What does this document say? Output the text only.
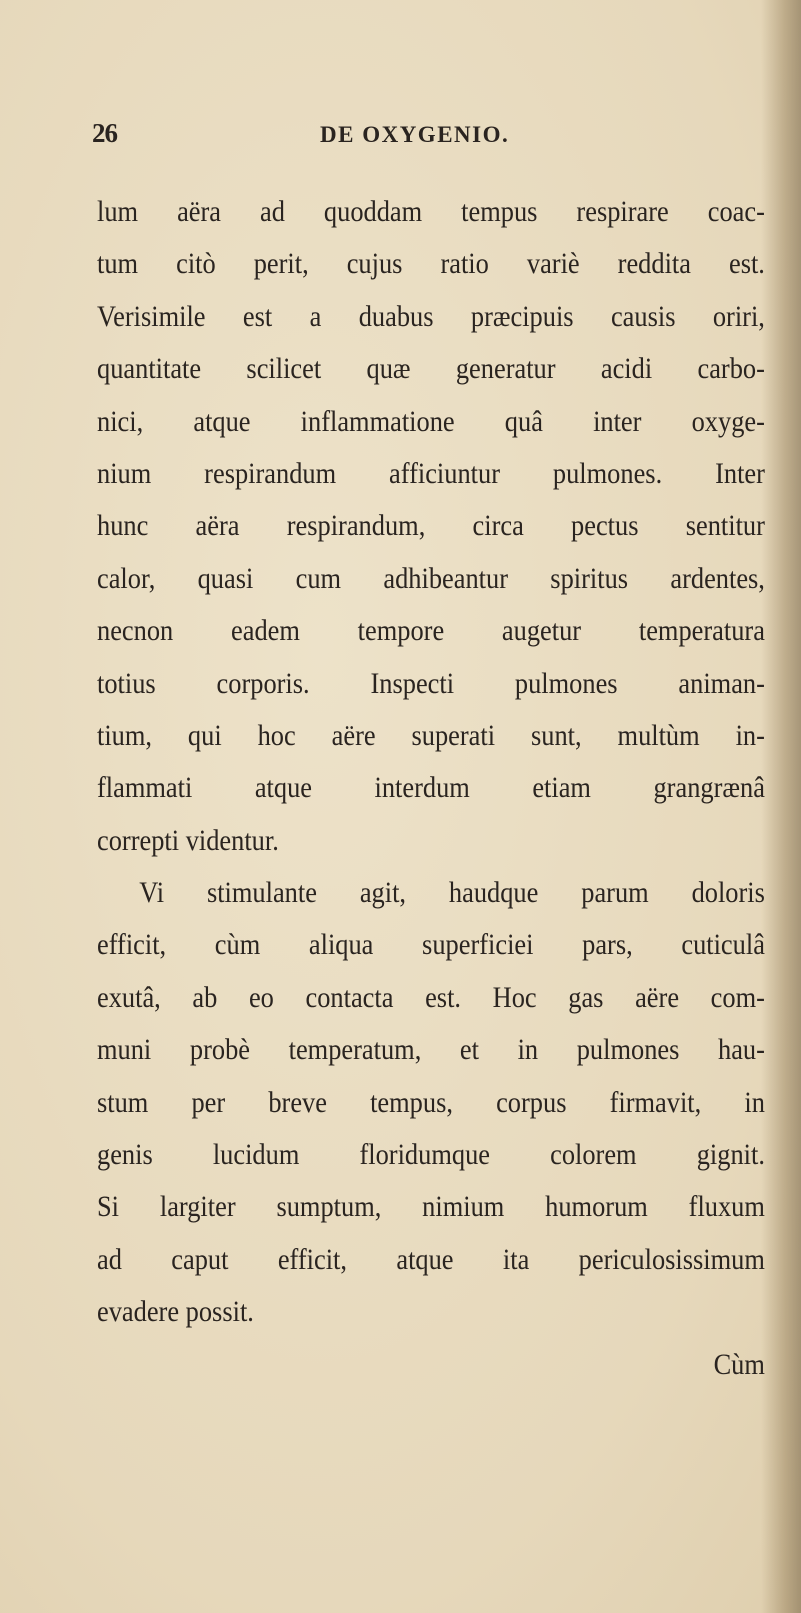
26	DE OXYGENIO.
lum aëra ad quoddam tempus respirare coac-
tum citò perit, cujus ratio variè reddita est.
Verisimile est a duabus præcipuis causis oriri,
quantitate scilicet quæ generatur acidi carbo-
nici, atque inflammatione quâ inter oxyge-
nium respirandum afficiuntur pulmones. Inter
hunc aëra respirandum, circa pectus sentitur
calor, quasi cum adhibeantur spiritus ardentes,
necnon eadem tempore augetur temperatura
totius corporis. Inspecti pulmones animan-
tium, qui hoc aëre superati sunt, multùm in-
flammati atque interdum etiam grangrænâ
correpti videntur.
Vi stimulante agit, haudque parum doloris
efficit, cùm aliqua superficiei pars, cuticulâ
exutâ, ab eo contacta est. Hoc gas aëre com-
muni probè temperatum, et in pulmones hau-
stum per breve tempus, corpus firmavit, in
genis lucidum floridumque colorem gignit.
Si largiter sumptum, nimium humorum fluxum
ad caput efficit, atque ita periculosissimum
evadere possit.
Cùm
